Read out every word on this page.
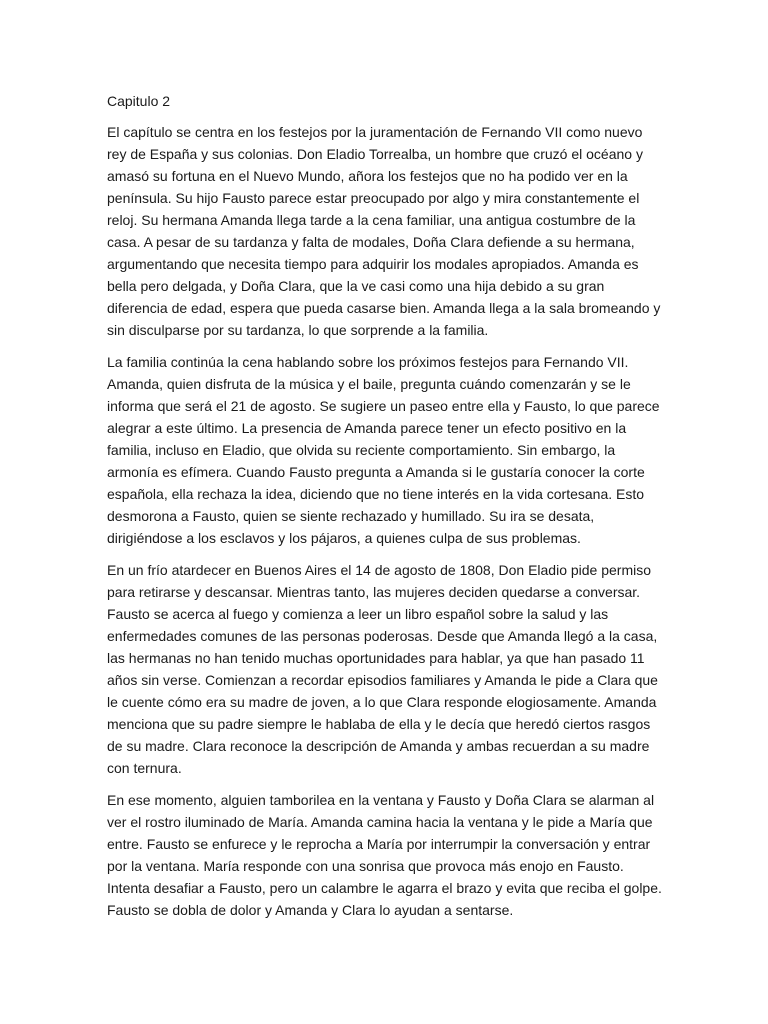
Capitulo 2

El capítulo se centra en los festejos por la juramentación de Fernando VII como nuevo rey de España y sus colonias. Don Eladio Torrealba, un hombre que cruzó el océano y amasó su fortuna en el Nuevo Mundo, añora los festejos que no ha podido ver en la península. Su hijo Fausto parece estar preocupado por algo y mira constantemente el reloj. Su hermana Amanda llega tarde a la cena familiar, una antigua costumbre de la casa. A pesar de su tardanza y falta de modales, Doña Clara defiende a su hermana, argumentando que necesita tiempo para adquirir los modales apropiados. Amanda es bella pero delgada, y Doña Clara, que la ve casi como una hija debido a su gran diferencia de edad, espera que pueda casarse bien. Amanda llega a la sala bromeando y sin disculparse por su tardanza, lo que sorprende a la familia.

La familia continúa la cena hablando sobre los próximos festejos para Fernando VII. Amanda, quien disfruta de la música y el baile, pregunta cuándo comenzarán y se le informa que será el 21 de agosto. Se sugiere un paseo entre ella y Fausto, lo que parece alegrar a este último. La presencia de Amanda parece tener un efecto positivo en la familia, incluso en Eladio, que olvida su reciente comportamiento. Sin embargo, la armonía es efímera. Cuando Fausto pregunta a Amanda si le gustaría conocer la corte española, ella rechaza la idea, diciendo que no tiene interés en la vida cortesana. Esto desmorona a Fausto, quien se siente rechazado y humillado. Su ira se desata, dirigiéndose a los esclavos y los pájaros, a quienes culpa de sus problemas.

En un frío atardecer en Buenos Aires el 14 de agosto de 1808, Don Eladio pide permiso para retirarse y descansar. Mientras tanto, las mujeres deciden quedarse a conversar. Fausto se acerca al fuego y comienza a leer un libro español sobre la salud y las enfermedades comunes de las personas poderosas. Desde que Amanda llegó a la casa, las hermanas no han tenido muchas oportunidades para hablar, ya que han pasado 11 años sin verse. Comienzan a recordar episodios familiares y Amanda le pide a Clara que le cuente cómo era su madre de joven, a lo que Clara responde elogiosamente. Amanda menciona que su padre siempre le hablaba de ella y le decía que heredó ciertos rasgos de su madre. Clara reconoce la descripción de Amanda y ambas recuerdan a su madre con ternura.

En ese momento, alguien tamborilea en la ventana y Fausto y Doña Clara se alarman al ver el rostro iluminado de María. Amanda camina hacia la ventana y le pide a María que entre. Fausto se enfurece y le reprocha a María por interrumpir la conversación y entrar por la ventana. María responde con una sonrisa que provoca más enojo en Fausto. Intenta desafiar a Fausto, pero un calambre le agarra el brazo y evita que reciba el golpe. Fausto se dobla de dolor y Amanda y Clara lo ayudan a sentarse.
